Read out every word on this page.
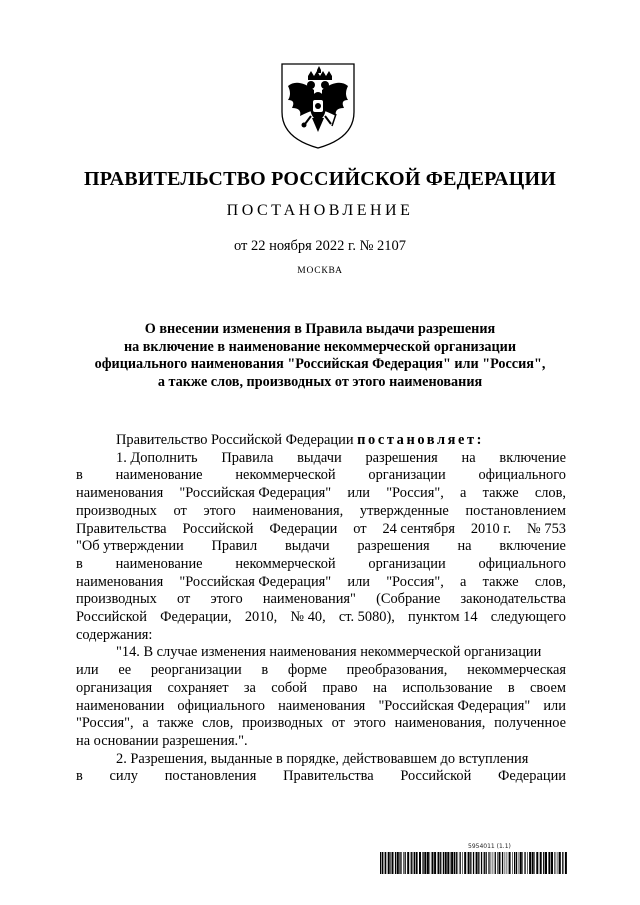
ПРАВИТЕЛЬСТВО РОССИЙСКОЙ ФЕДЕРАЦИИ
ПОСТАНОВЛЕНИЕ
от 22 ноября 2022 г. № 2107
МОСКВА
О внесении изменения в Правила выдачи разрешения
на включение в наименование некоммерческой организации
официального наименования "Российская Федерация" или "Россия",
а также слов, производных от этого наименования
Правительство Российской Федерации постановляет:
1. Дополнить Правила выдачи разрешения на включение
в наименование некоммерческой организации официального
наименования "Российская Федерация" или "Россия", а также слов,
производных от этого наименования, утвержденные постановлением
Правительства Российской Федерации от 24 сентября 2010 г. № 753
"Об утверждении Правил выдачи разрешения на включение
в наименование некоммерческой организации официального
наименования "Российская Федерация" или "Россия", а также слов,
производных от этого наименования" (Собрание законодательства
Российской Федерации, 2010, № 40, ст. 5080), пунктом 14 следующего
содержания:
"14. В случае изменения наименования некоммерческой организации
или ее реорганизации в форме преобразования, некоммерческая
организация сохраняет за собой право на использование в своем
наименовании официального наименования "Российская Федерация" или
"Россия", а также слов, производных от этого наименования, полученное
на основании разрешения.".
2. Разрешения, выданные в порядке, действовавшем до вступления
в силу постановления Правительства Российской Федерации
5954011 (1.1)
